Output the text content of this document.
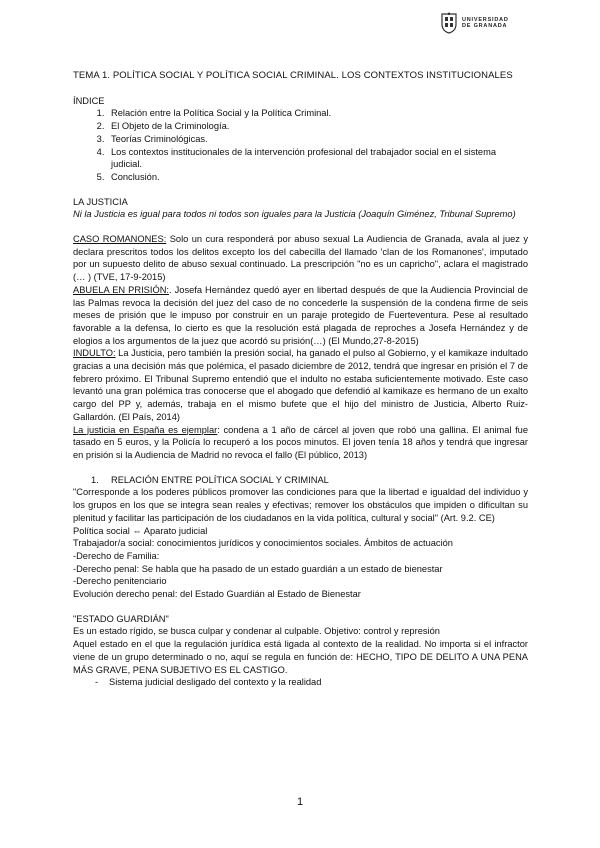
UNIVERSIDAD
DE GRANADA

TEMA 1. POLÍTICA SOCIAL Y POLÍTICA SOCIAL CRIMINAL. LOS CONTEXTOS INSTITUCIONALES

ÍNDICE

1. Relación entre la Política Social y la Política Criminal.
2. El Objeto de la Criminología.
3. Teorías Criminológicas.
4. Los contextos institucionales de la intervención profesional del trabajador social en el sistema judicial.
5. Conclusión.

LA JUSTICIA

Ni la Justicia es igual para todos ni todos son iguales para la Justicia (Joaquín Giménez, Tribunal Supremo)

CASO ROMANONES: Solo un cura responderá por abuso sexual La Audiencia de Granada, avala al juez y declara prescritos todos los delitos excepto los del cabecilla del llamado 'clan de los Romanones', imputado por un supuesto delito de abuso sexual continuado. La prescripción "no es un capricho", aclara el magistrado (… ) (TVE, 17-9-2015)

ABUELA EN PRISIÓN:. Josefa Hernández quedó ayer en libertad después de que la Audiencia Provincial de las Palmas revoca la decisión del juez del caso de no concederle la suspensión de la condena firme de seis meses de prisión que le impuso por construir en un paraje protegido de Fuerteventura. Pese al resultado favorable a la defensa, lo cierto es que la resolución está plagada de reproches a Josefa Hernández y de elogios a los argumentos de la juez que acordó su prisión(…) (El Mundo,27-8-2015)

INDULTO: La Justicia, pero también la presión social, ha ganado el pulso al Gobierno, y el kamikaze indultado gracias a una decisión más que polémica, el pasado diciembre de 2012, tendrá que ingresar en prisión el 7 de febrero próximo. El Tribunal Supremo entendió que el indulto no estaba suficientemente motivado. Este caso levantó una gran polémica tras conocerse que el abogado que defendió al kamikaze es hermano de un exalto cargo del PP y, además, trabaja en el mismo bufete que el hijo del ministro de Justicia, Alberto Ruiz-Gallardón. (El País, 2014)

La justicia en España es ejemplar: condena a 1 año de cárcel al joven que robó una gallina. El animal fue tasado en 5 euros, y la Policía lo recuperó a los pocos minutos. El joven tenía 18 años y tendrá que ingresar en prisión si la Audiencia de Madrid no revoca el fallo (El público, 2013)

1. RELACIÓN ENTRE POLÍTICA SOCIAL Y CRIMINAL

"Corresponde a los poderes públicos promover las condiciones para que la libertad e igualdad del individuo y los grupos en los que se integra sean reales y efectivas; remover los obstáculos que impiden o dificultan su plenitud y facilitar las participación de los ciudadanos en la vida política, cultural y social" (Art. 9.2. CE)

Política social ⇔ Aparato judicial

Trabajador/a social: conocimientos jurídicos y conocimientos sociales. Ámbitos de actuación

-Derecho de Familia:

-Derecho penal: Se habla que ha pasado de un estado guardián a un estado de bienestar

-Derecho penitenciario

Evolución derecho penal: del Estado Guardián al Estado de Bienestar

"ESTADO GUARDIÁN"

Es un estado rígido, se busca culpar y condenar al culpable. Objetivo: control y represión

Aquel estado en el que la regulación jurídica está ligada al contexto de la realidad. No importa si el infractor viene de un grupo determinado o no, aquí se regula en función de: HECHO, TIPO DE DELITO A UNA PENA MÁS GRAVE, PENA SUBJETIVO ES EL CASTIGO.

- Sistema judicial desligado del contexto y la realidad
1
